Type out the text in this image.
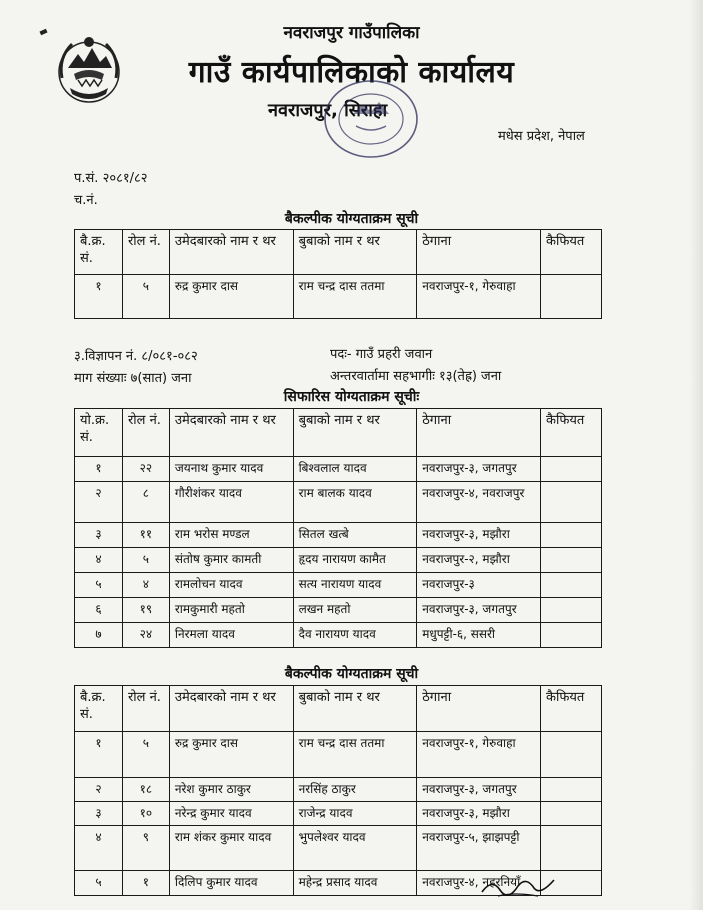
नवराजपुर गाउँपालिका
गाउँ कार्यपालिकाको कार्यालय
नवराजपुर, सिराहा
मधेस प्रदेश, नेपाल
प.सं. २०८१/८२
च.नं.
बैकल्पीक योग्यताक्रम सूची
बै.क्र. सं.	रोल नं.	उमेदबारको नाम र थर	बुबाको नाम र थर	ठेगाना	कैफियत
१	५	रुद्र कुमार दास	राम चन्द्र दास ततमा	नवराजपुर-१, गेरुवाहा	
३.विज्ञापन नं. ८/०८१-०८२	पदः- गाउँ प्रहरी जवान
माग संख्याः ७(सात) जना	अन्तरवार्तामा सहभागीः १३(तेह्र) जना
सिफारिस योग्यताक्रम सूचीः
यो.क्र. सं.	रोल नं.	उमेदबारको नाम र थर	बुबाको नाम र थर	ठेगाना	कैफियत
१	२२	जयनाथ कुमार यादव	बिश्वलाल यादव	नवराजपुर-३, जगतपुर	
२	८	गौरीशंकर यादव	राम बालक यादव	नवराजपुर-४, नवराजपुर	
३	११	राम भरोस मण्डल	सितल खत्बे	नवराजपुर-३, मझौरा	
४	५	संतोष कुमार कामती	हृदय नारायण कामैत	नवराजपुर-२, मझौरा	
५	४	रामलोचन यादव	सत्य नारायण यादव	नवराजपुर-३	
६	१९	रामकुमारी महतो	लखन महतो	नवराजपुर-३, जगतपुर	
७	२४	निरमला यादव	दैव नारायण यादव	मधुपट्टी-६, ससरी	
बैकल्पीक योग्यताक्रम सूची
बै.क्र. सं.	रोल नं.	उमेदबारको नाम र थर	बुबाको नाम र थर	ठेगाना	कैफियत
१	५	रुद्र कुमार दास	राम चन्द्र दास ततमा	नवराजपुर-१, गेरुवाहा	
२	१८	नरेश कुमार ठाकुर	नरसिंह ठाकुर	नवराजपुर-३, जगतपुर	
३	१०	नरेन्द्र कुमार यादव	राजेन्द्र यादव	नवराजपुर-३, मझौरा	
४	९	राम शंकर कुमार यादव	भुपलेश्वर यादव	नवराजपुर-५, झाझपट्टी	
५	१	दिलिप कुमार यादव	महेन्द्र प्रसाद यादव	नवराजपुर-४, नहरनियाँ	
